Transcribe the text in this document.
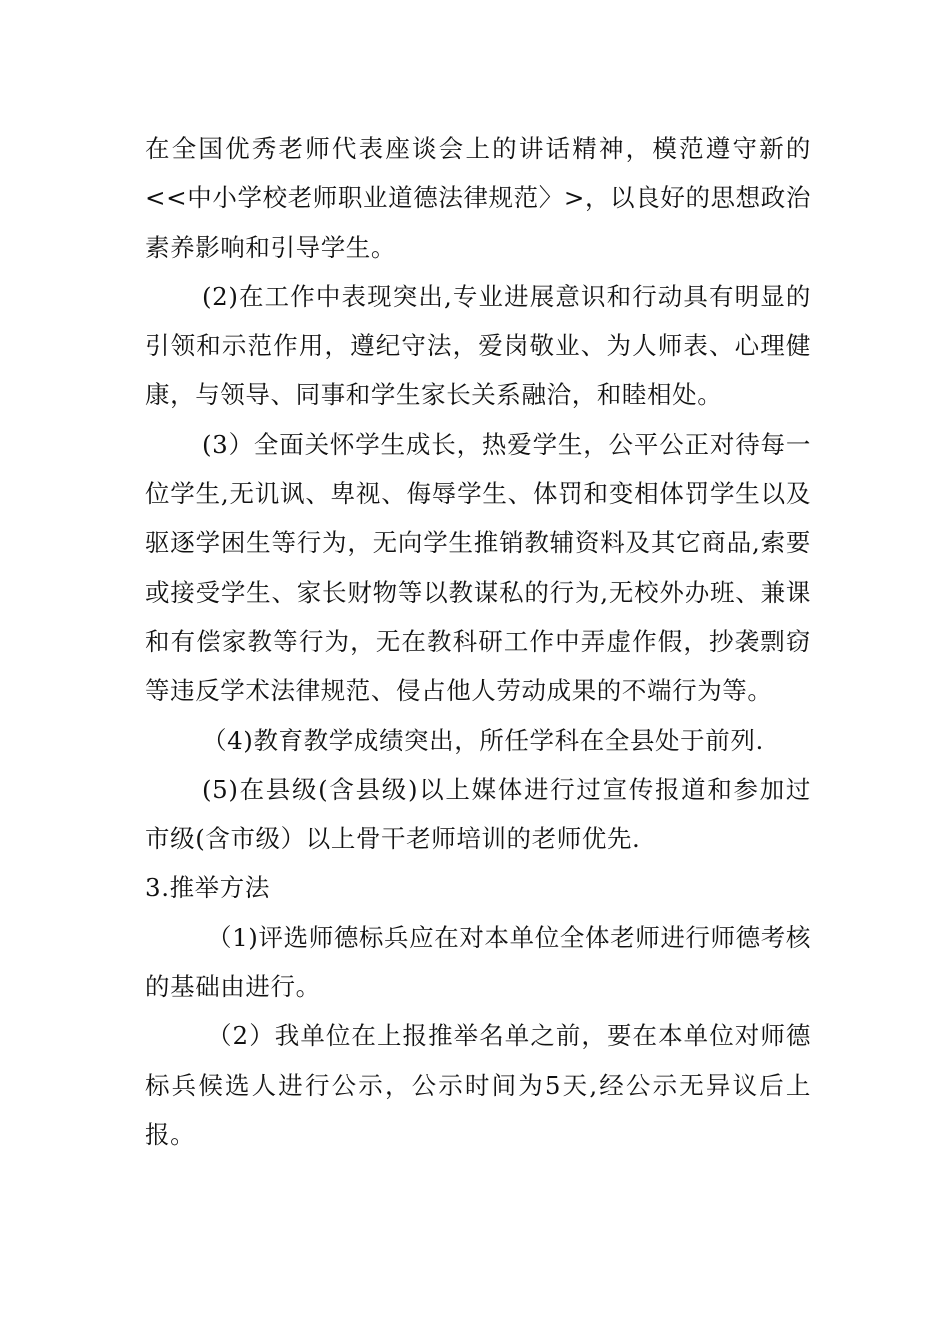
在全国优秀老师代表座谈会上的讲话精神，模范遵守新的<<中小学校老师职业道德法律规范〉>，以良好的思想政治素养影响和引导学生。

(2)在工作中表现突出,专业进展意识和行动具有明显的引领和示范作用，遵纪守法，爱岗敬业、为人师表、心理健康，与领导、同事和学生家长关系融洽，和睦相处。

(3）全面关怀学生成长，热爱学生，公平公正对待每一位学生,无讥讽、卑视、侮辱学生、体罚和变相体罚学生以及驱逐学困生等行为，无向学生推销教辅资料及其它商品,索要或接受学生、家长财物等以教谋私的行为,无校外办班、兼课和有偿家教等行为，无在教科研工作中弄虚作假，抄袭剽窃等违反学术法律规范、侵占他人劳动成果的不端行为等。

（4)教育教学成绩突出，所任学科在全县处于前列.

(5)在县级(含县级)以上媒体进行过宣传报道和参加过市级(含市级）以上骨干老师培训的老师优先.

3.推举方法

（1)评选师德标兵应在对本单位全体老师进行师德考核的基础由进行。

（2）我单位在上报推举名单之前，要在本单位对师德标兵候选人进行公示，公示时间为5天,经公示无异议后上报。
